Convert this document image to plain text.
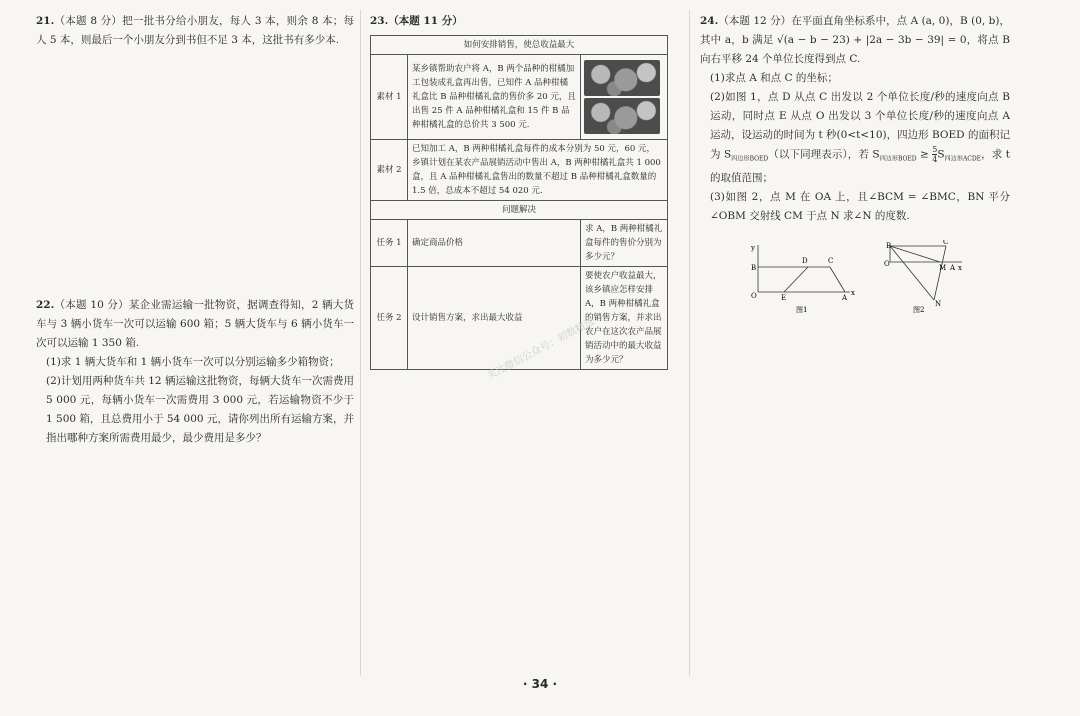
21.（本题 8 分）把一批书分给小朋友，每人 3 本，则余 8 本；每人 5 本，则最后一个小朋友分到书但不足 3 本，这批书有多少本.

22.（本题 10 分）某企业需运输一批物资，据调查得知，2 辆大货车与 3 辆小货车一次可以运输 600 箱；5 辆大货车与 6 辆小货车一次可以运输 1 350 箱.

(1)求 1 辆大货车和 1 辆小货车一次可以分别运输多少箱物资；

(2)计划用两种货车共 12 辆运输这批物资，每辆大货车一次需费用 5 000 元，每辆小货车一次需费用 3 000 元，若运输物资不少于 1 500 箱，且总费用小于 54 000 元，请你列出所有运输方案，并指出哪种方案所需费用最少，最少费用是多少？

23.（本题 11 分）
如何安排销售，使总收益最大		
素材 1	某乡镇帮助农户将 A，B 两个品种的柑橘加工包装成礼盒再出售，已知件 A 品种柑橘礼盒比 B 品种柑橘礼盒的售价多 20 元，且出售 25 件 A 品种柑橘礼盒和 15 件 B 品种柑橘礼盒的总价共 3 500 元.	

素材 2	已知加工 A，B 两种柑橘礼盒每件的成本分别为 50 元，60 元，乡镇计划在某农产品展销活动中售出 A，B 两种柑橘礼盒共 1 000 盒，且 A 品种柑橘礼盒售出的数量不超过 B 品种柑橘礼盒数量的 1.5 倍，总成本不超过 54 020 元.	
问题解决		
任务 1	确定商品价格	求 A，B 两种柑橘礼盒每件的售价分别为多少元？
任务 2	设计销售方案，求出最大收益	要使农户收益最大，该乡镇应怎样安排 A，B 两种柑橘礼盒的销售方案，并求出农户在这次农产品展销活动中的最大收益为多少元？
关注微信公众号：初数精选

24.（本题 12 分）在平面直角坐标系中，点 A (a, 0)，B (0, b)，其中 a，b 满足 √(a − b − 23) + |2a − 3b − 39| = 0，将点 B 向右平移 24 个单位长度得到点 C.

(1)求点 A 和点 C 的坐标；

(2)如图 1，点 D 从点 C 出发以 2 个单位长度/秒的速度向点 B 运动，同时点 E 从点 O 出发以 3 个单位长度/秒的速度向点 A 运动，设运动的时间为 t 秒(0<t<10)，四边形 BOED 的面积记为 $S_{四边形BOED}$（以下同理表示），若 $S_{四边形BOED} \ge \frac{5}{4} S_{四边形ACDE}$，求 t 的取值范围；

(3)如图 2，点 M 在 OA 上，且∠BCM = ∠BMC，BN 平分∠OBM 交射线 CM 于点 N 求∠N 的度数.

y
B
D	C
O	E	A
x
图1
B	C
O	M A x
N
图2
· 34 ·
